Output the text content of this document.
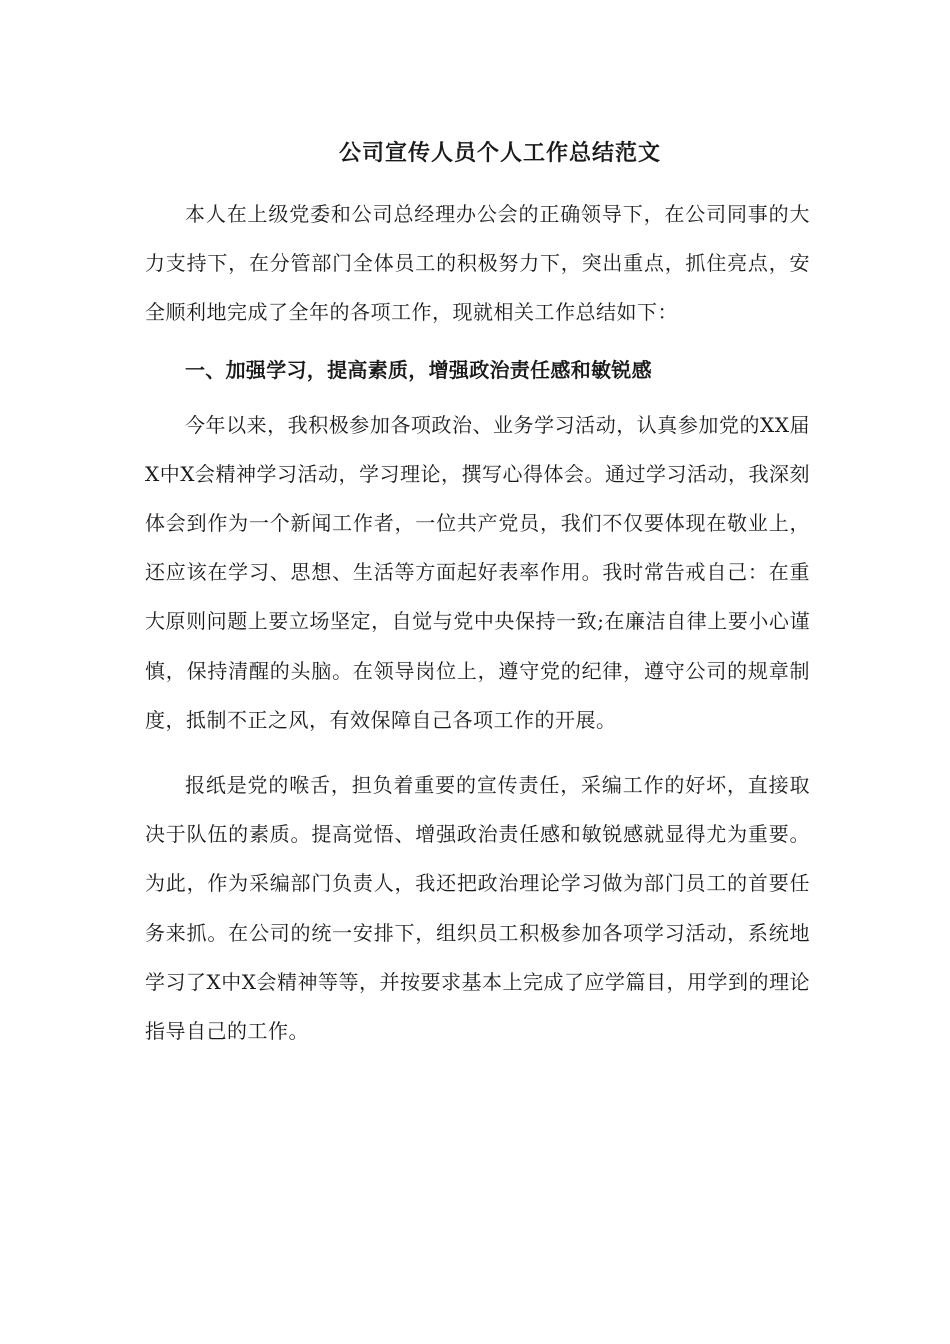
公司宣传人员个人工作总结范文

本人在上级党委和公司总经理办公会的正确领导下，在公司同事的大力支持下，在分管部门全体员工的积极努力下，突出重点，抓住亮点，安全顺利地完成了全年的各项工作，现就相关工作总结如下：

一、加强学习，提高素质，增强政治责任感和敏锐感

今年以来，我积极参加各项政治、业务学习活动，认真参加党的XX届X中X会精神学习活动，学习理论，撰写心得体会。通过学习活动，我深刻体会到作为一个新闻工作者，一位共产党员，我们不仅要体现在敬业上，还应该在学习、思想、生活等方面起好表率作用。我时常告戒自己：在重大原则问题上要立场坚定，自觉与党中央保持一致;在廉洁自律上要小心谨慎，保持清醒的头脑。在领导岗位上，遵守党的纪律，遵守公司的规章制度，抵制不正之风，有效保障自己各项工作的开展。

报纸是党的喉舌，担负着重要的宣传责任，采编工作的好坏，直接取决于队伍的素质。提高觉悟、增强政治责任感和敏锐感就显得尤为重要。为此，作为采编部门负责人，我还把政治理论学习做为部门员工的首要任务来抓。在公司的统一安排下，组织员工积极参加各项学习活动，系统地学习了X中X会精神等等，并按要求基本上完成了应学篇目，用学到的理论指导自己的工作。
